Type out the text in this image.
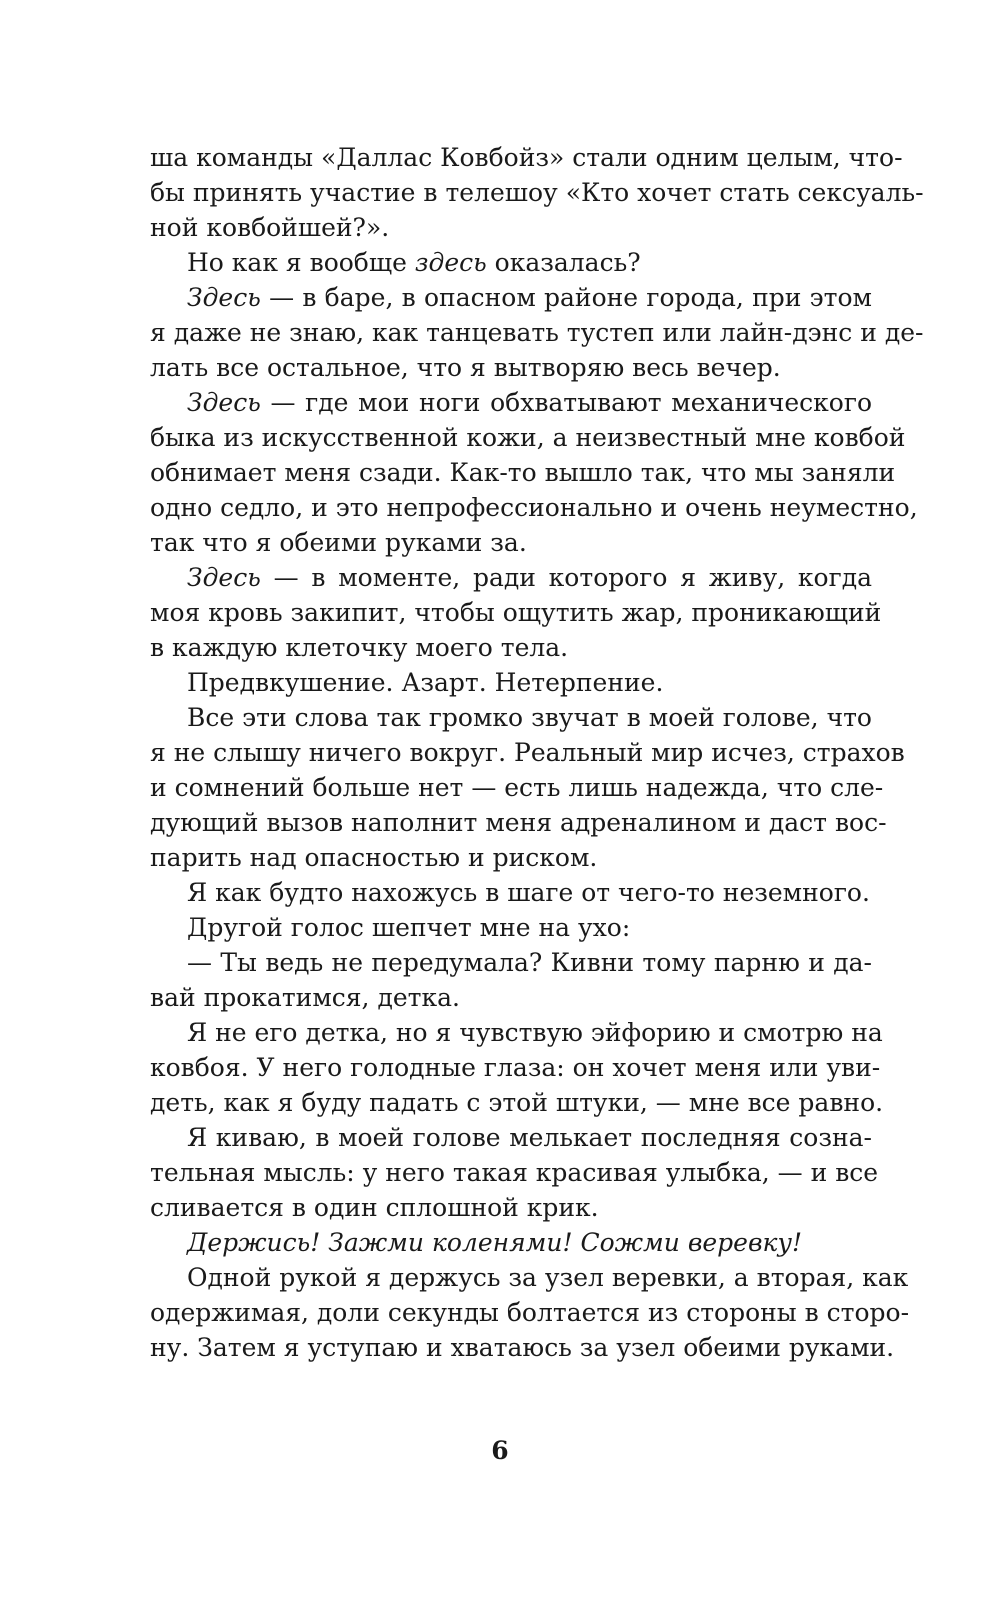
ша команды «Даллас Ковбойз» стали одним целым, что-
бы принять участие в телешоу «Кто хочет стать сексуаль-
ной ковбойшей?».
Но как я вообще здесь оказалась?
Здесь — в баре, в опасном районе города, при этом
я даже не знаю, как танцевать тустеп или лайн-дэнс и де-
лать все остальное, что я вытворяю весь вечер.
Здесь — где мои ноги обхватывают механического
быка из искусственной кожи, а неизвестный мне ковбой
обнимает меня сзади. Как-то вышло так, что мы заняли
одно седло, и это непрофессионально и очень неуместно,
так что я обеими руками за.
Здесь — в моменте, ради которого я живу, когда
моя кровь закипит, чтобы ощутить жар, проникающий
в каждую клеточку моего тела.
Предвкушение. Азарт. Нетерпение.
Все эти слова так громко звучат в моей голове, что
я не слышу ничего вокруг. Реальный мир исчез, страхов
и сомнений больше нет — есть лишь надежда, что сле-
дующий вызов наполнит меня адреналином и даст вос-
парить над опасностью и риском.
Я как будто нахожусь в шаге от чего-то неземного.
Другой голос шепчет мне на ухо:
— Ты ведь не передумала? Кивни тому парню и да-
вай прокатимся, детка.
Я не его детка, но я чувствую эйфорию и смотрю на
ковбоя. У него голодные глаза: он хочет меня или уви-
деть, как я буду падать с этой штуки, — мне все равно.
Я киваю, в моей голове мелькает последняя созна-
тельная мысль: у него такая красивая улыбка, — и все
сливается в один сплошной крик.
Держись! Зажми коленями! Сожми веревку!
Одной рукой я держусь за узел веревки, а вторая, как
одержимая, доли секунды болтается из стороны в сторо-
ну. Затем я уступаю и хватаюсь за узел обеими руками.
6
